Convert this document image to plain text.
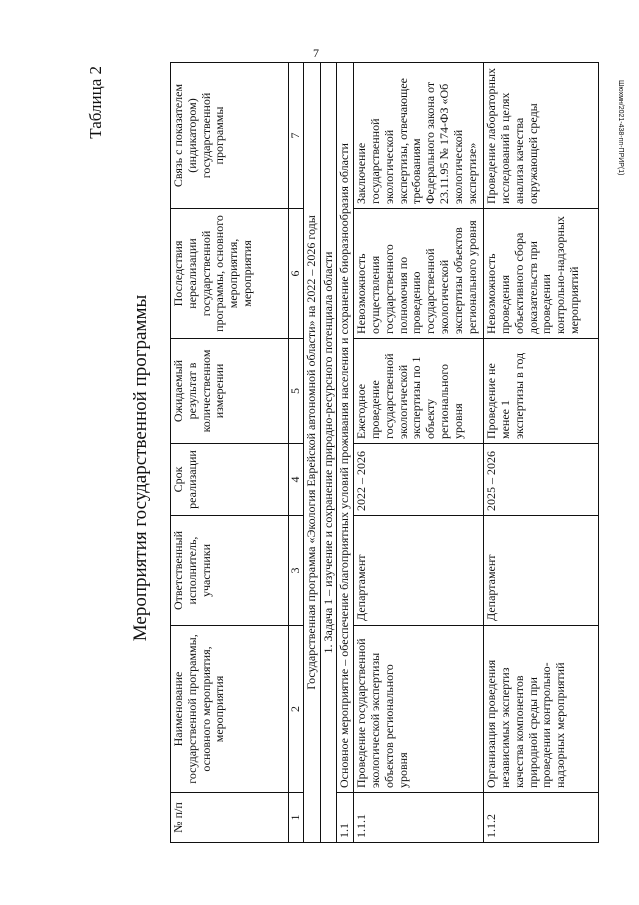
7
Шюхмн/2021-438-пп-ПРИР(1)
Таблица 2
Мероприятия государственной программы
№ п/п	Наименование государственной программы, основного мероприятия, мероприятия	Ответственный исполнитель, участники	Срок реализации	Ожидаемый результат в количественном измерении	Последствия нереализации государственной программы, основного мероприятия, мероприятия	Связь с показателем (индикатором) государственной программы
1	2	3	4	5	6	7
Государственная программа «Экология Еврейской автономной области» на 2022 – 2026 годы						
1. Задача 1 – изучение и сохранение природно-ресурсного потенциала области						
1.1	Основное мероприятие – обеспечение благоприятных условий проживания населения и сохранение биоразнообразия области					
1.1.1	Проведение государственной экологической экспертизы объектов регионального уровня	Департамент	2022 – 2026	Ежегодное проведение государственной экологической экспертизы по 1 объекту регионального уровня	Невозможность осуществления государственного полномочия по проведению государственной экологической экспертизы объектов регионального уровня	Заключение государственной экологической экспертизы, отвечающее требованиям Федерального закона от 23.11.95 № 174-ФЗ «Об экологической экспертизе»
1.1.2	Организация проведения независимых экспертиз качества компонентов природной среды при проведении контрольно-надзорных мероприятий	Департамент	2025 – 2026	Проведение не менее 1 экспертизы в год	Невозможность проведения объективного сбора доказательств при проведении контрольно-надзорных мероприятий	Проведение лабораторных исследований в целях анализа качества окружающей среды
